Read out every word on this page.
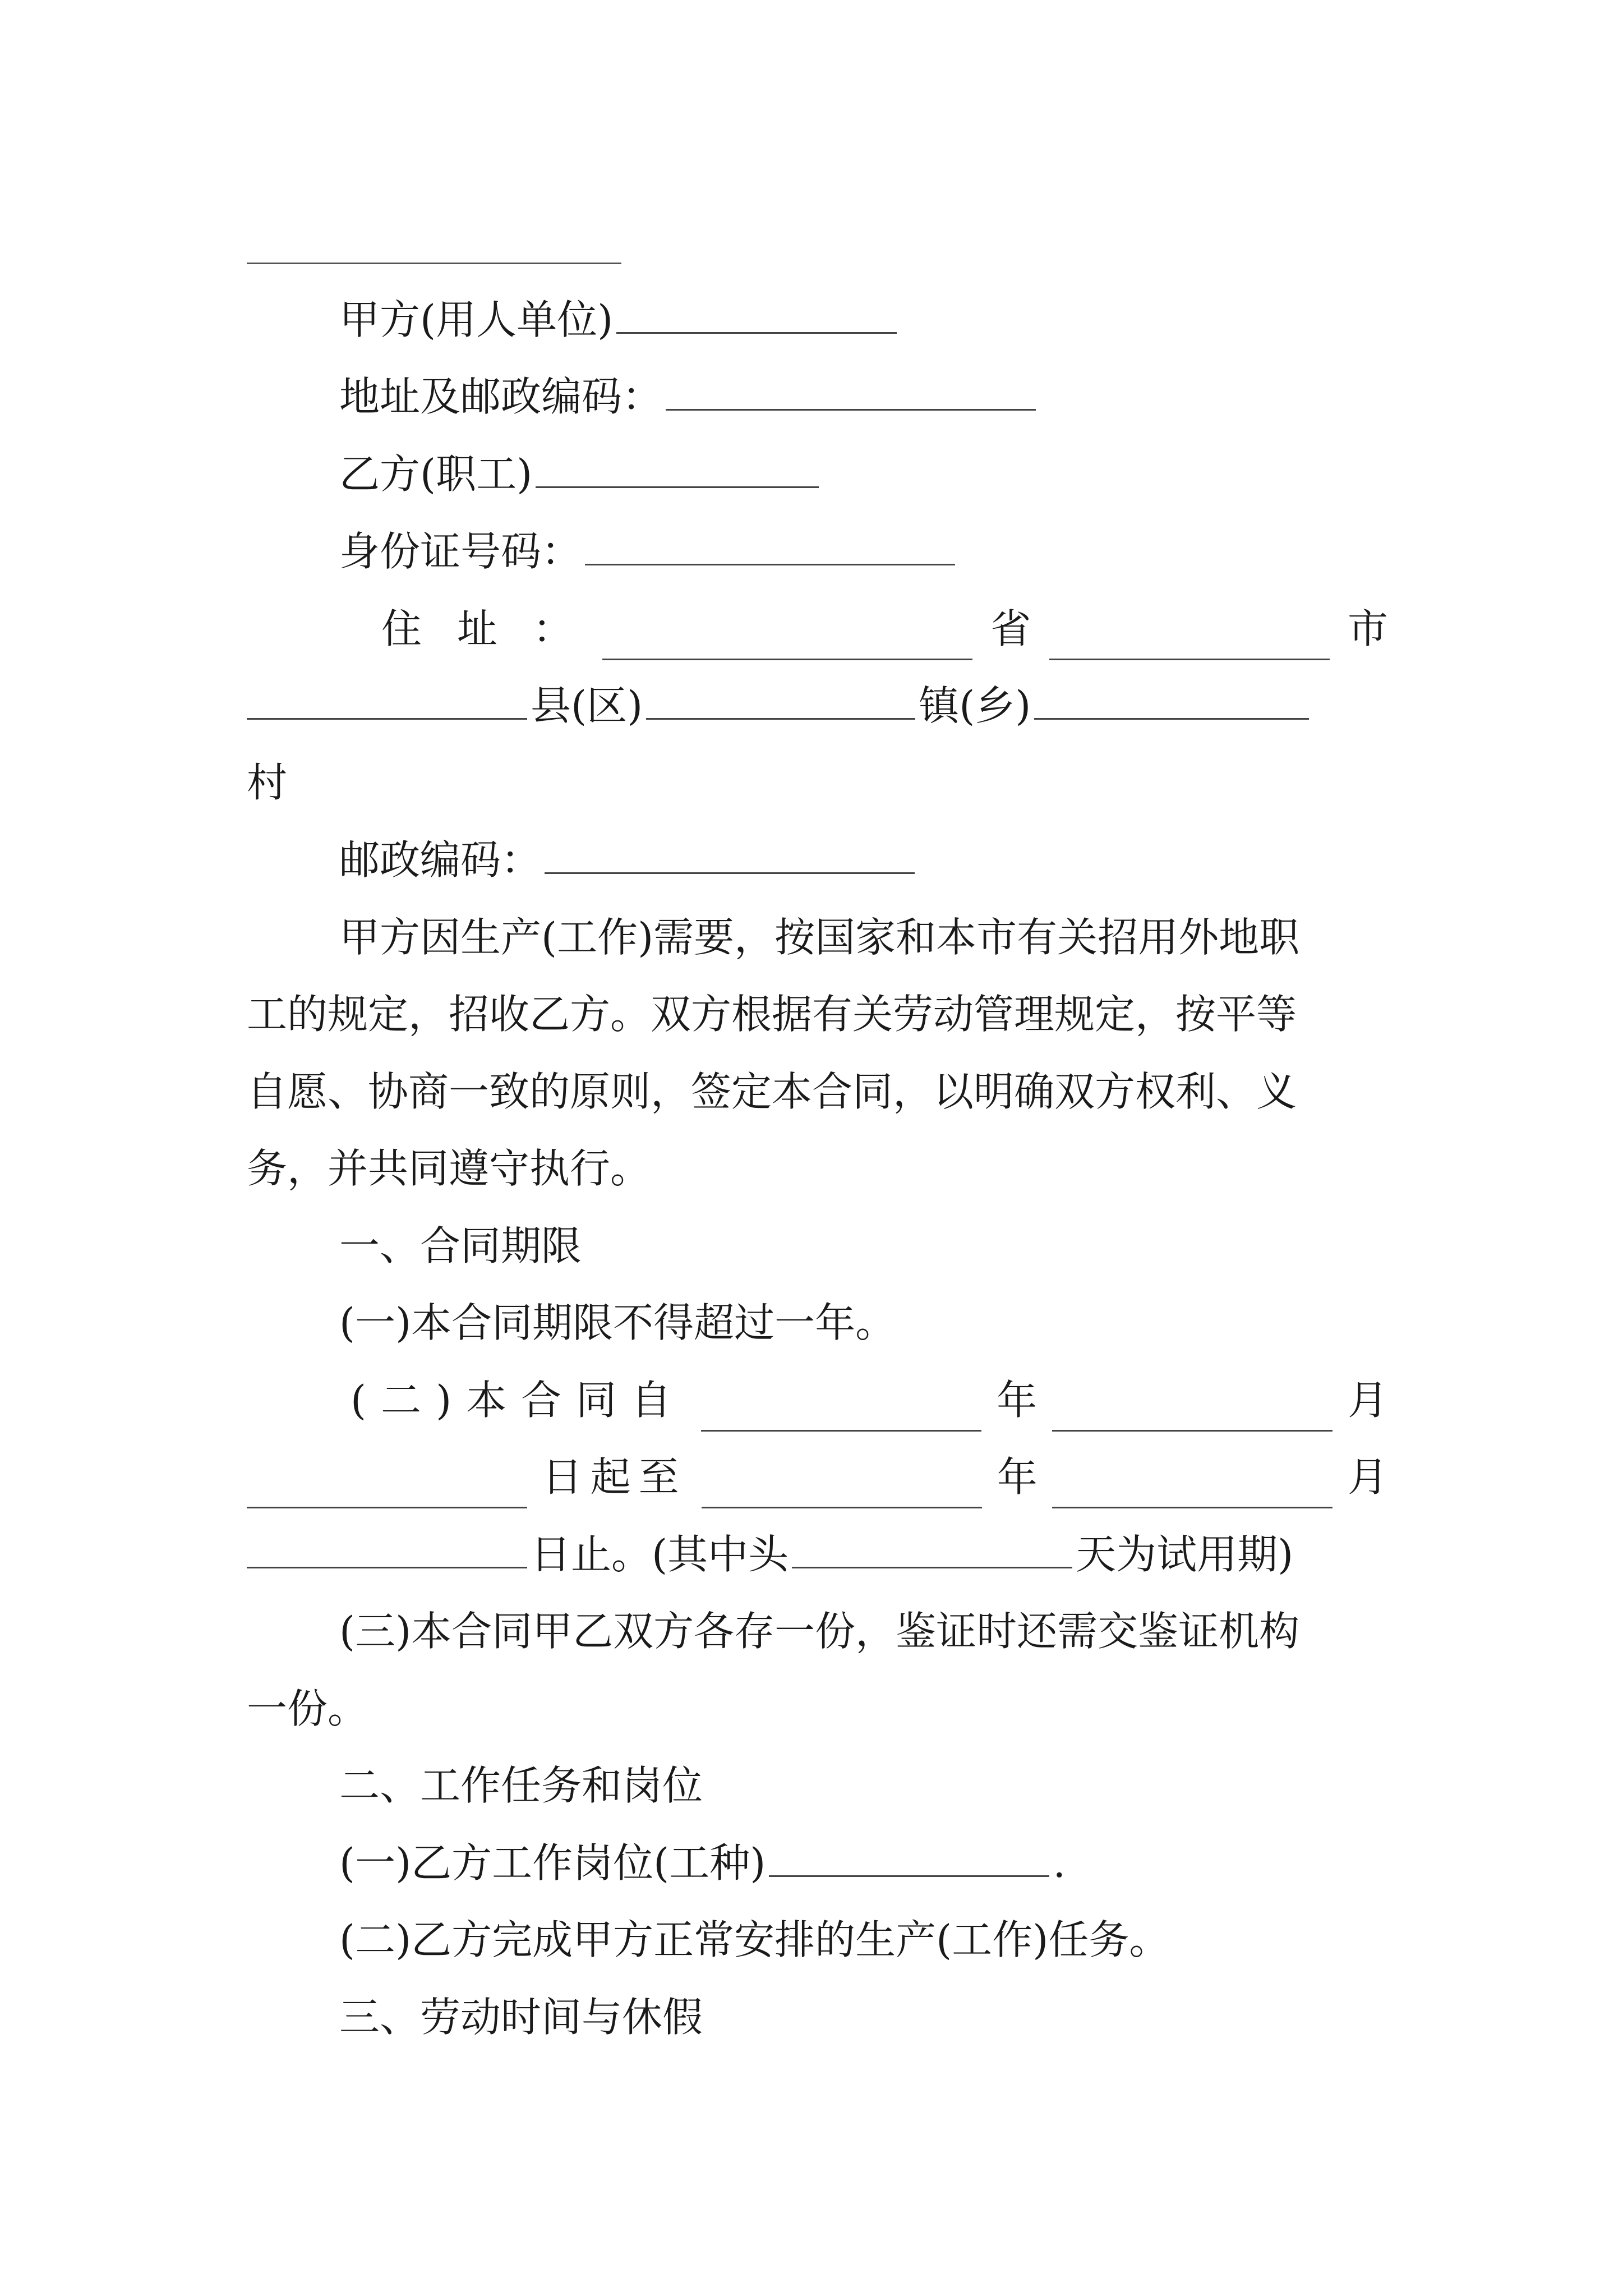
甲方(用人单位)
地址及邮政编码：
乙方(职工)
身份证号码：
住 址 ：	省	市
县(区)	镇(乡)
村
邮政编码：
甲方因生产(工作)需要，按国家和本市有关招用外地职
工的规定，招收乙方。双方根据有关劳动管理规定，按平等
自愿、协商一致的原则，签定本合同，以明确双方权利、义
务，并共同遵守执行。
一、合同期限
(一)本合同期限不得超过一年。
(二)本合同自	年	月
日起至	年	月
日止。(其中头	天为试用期)
(三)本合同甲乙双方各存一份，鉴证时还需交鉴证机构
一份。
二、工作任务和岗位
(一)乙方工作岗位(工种)	.
(二)乙方完成甲方正常安排的生产(工作)任务。
三、劳动时间与休假
